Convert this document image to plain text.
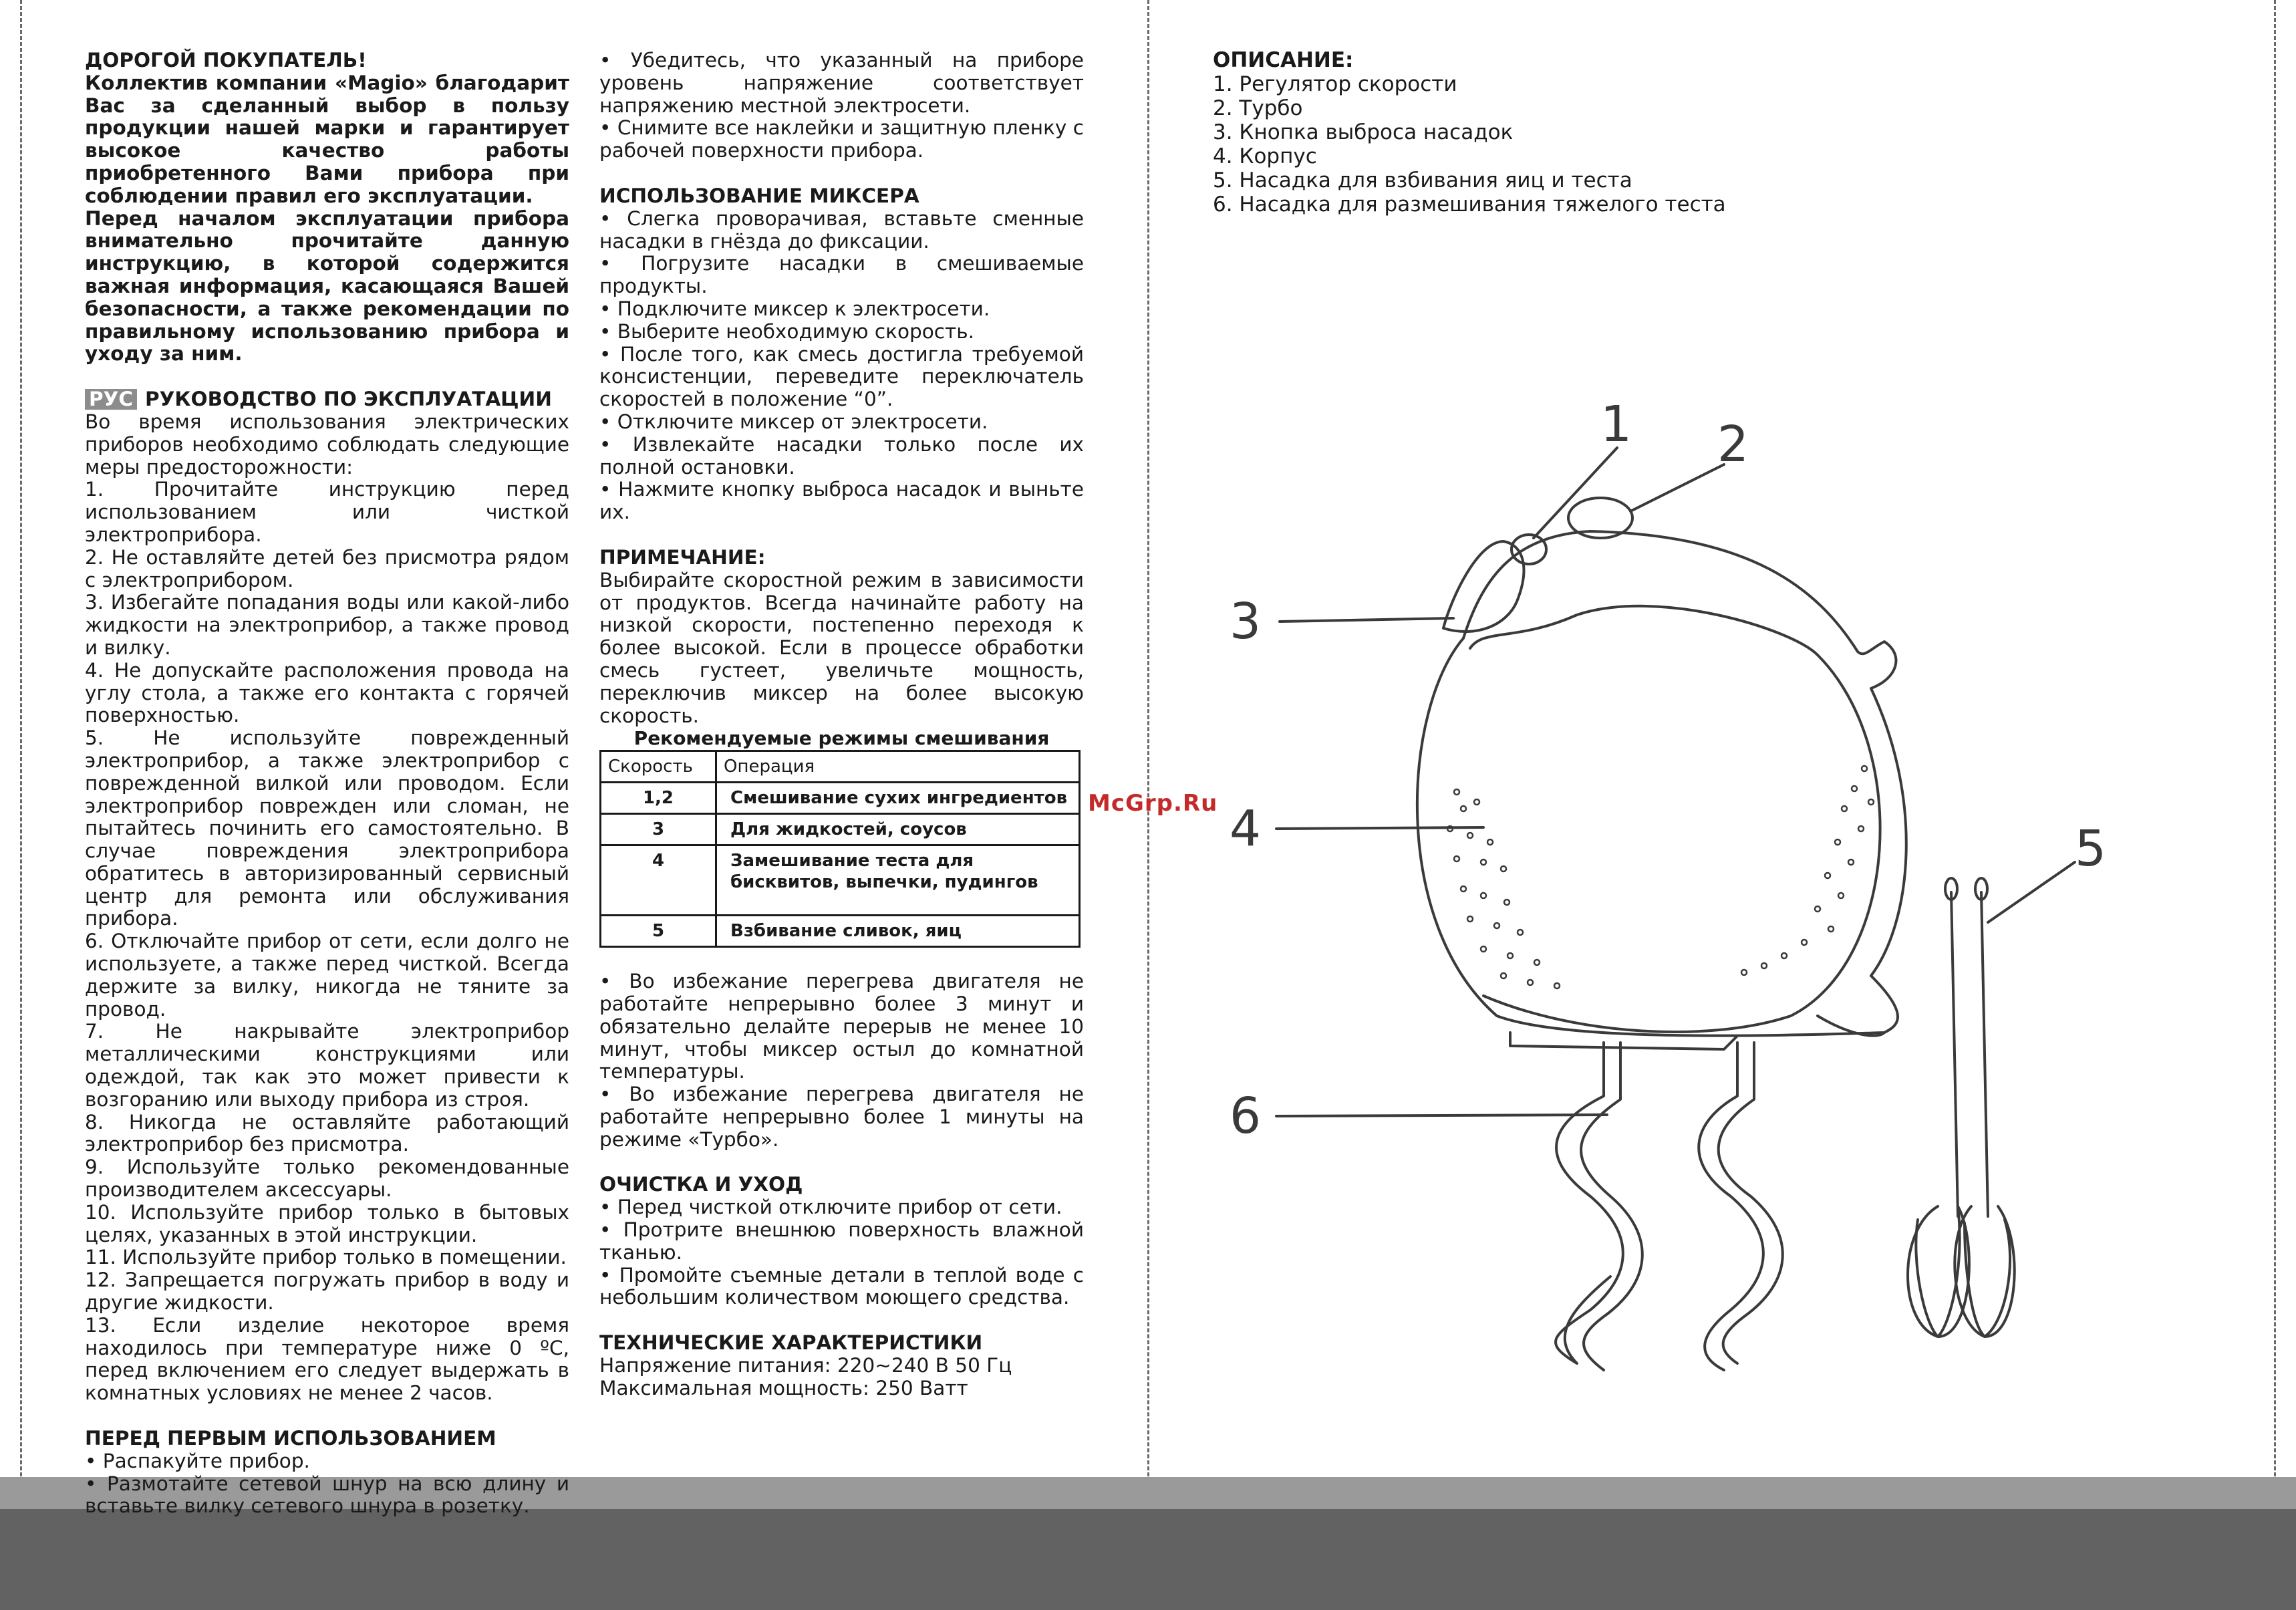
ДОРОГОЙ ПОКУПАТЕЛЬ!

Коллектив компании «Magio» благодарит Вас за сделанный выбор в пользу продукции нашей марки и гарантирует высокое качество работы приобретенного Вами прибора при соблюдении правил его эксплуатации.

Перед началом эксплуатации прибора внимательно прочитайте данную инструкцию, в которой содержится важная информация, касающаяся Вашей безопасности, а также рекомендации по правильному использованию прибора и уходу за ним.

РУС РУКОВОДСТВО ПО ЭКСПЛУАТАЦИИ

Во время использования электрических приборов необходимо соблюдать следующие меры предосторожности:

1. Прочитайте инструкцию перед использованием или чисткой электроприбора.

2. Не оставляйте детей без присмотра рядом с электроприбором.

3. Избегайте попадания воды или какой-либо жидкости на электроприбор, а также провод и вилку.

4. Не допускайте расположения провода на углу стола, а также его контакта с горячей поверхностью.

5. Не используйте поврежденный электроприбор, а также электроприбор с поврежденной вилкой или проводом. Если электроприбор поврежден или сломан, не пытайтесь починить его самостоятельно. В случае повреждения электроприбора обратитесь в авторизированный сервисный центр для ремонта или обслуживания прибора.

6. Отключайте прибор от сети, если долго не используете, а также перед чисткой. Всегда держите за вилку, никогда не тяните за провод.

7. Не накрывайте электроприбор металлическими конструкциями или одеждой, так как это может привести к возгоранию или выходу прибора из строя.

8. Никогда не оставляйте работающий электроприбор без присмотра.

9. Используйте только рекомендованные производителем аксессуары.

10. Используйте прибор только в бытовых целях, указанных в этой инструкции.

11. Используйте прибор только в помещении.

12. Запрещается погружать прибор в воду и другие жидкости.

13. Если изделие некоторое время находилось при температуре ниже 0 ºС, перед включением его следует выдержать в комнатных условиях не менее 2 часов.

ПЕРЕД ПЕРВЫМ ИСПОЛЬЗОВАНИЕМ

• Распакуйте прибор.

• Размотайте сетевой шнур на всю длину и вставьте вилку сетевого шнура в розетку.

• Убедитесь, что указанный на приборе уровень напряжение соответствует напряжению местной электросети.

• Снимите все наклейки и защитную пленку с рабочей поверхности прибора.

ИСПОЛЬЗОВАНИЕ МИКСЕРА

• Слегка проворачивая, вставьте сменные насадки в гнёзда до фиксации.

• Погрузите насадки в смешиваемые продукты.

• Подключите миксер к электросети.

• Выберите необходимую скорость.

• После того, как смесь достигла требуемой консистенции, переведите переключатель скоростей в положение “0”.

• Отключите миксер от электросети.

• Извлекайте насадки только после их полной остановки.

• Нажмите кнопку выброса насадок и выньте их.

ПРИМЕЧАНИЕ:

Выбирайте скоростной режим в зависимости от продуктов. Всегда начинайте работу на низкой скорости, постепенно переходя к более высокой. Если в процессе обработки смесь густеет, увеличьте мощность, переключив миксер на более высокую скорость.

Рекомендуемые режимы смешивания

Скорость	Операция
1,2	Смешивание сухих ингредиентов
3	Для жидкостей, соусов
4	Замешивание теста для бисквитов, выпечки, пудингов
5	Взбивание сливок, яиц

• Во избежание перегрева двигателя не работайте непрерывно более 3 минут и обязательно делайте перерыв не менее 10 минут, чтобы миксер остыл до комнатной температуры.

• Во избежание перегрева двигателя не работайте непрерывно более 1 минуты на режиме «Турбо».

ОЧИСТКА И УХОД

• Перед чисткой отключите прибор от сети.

• Протрите внешнюю поверхность влажной тканью.

• Промойте съемные детали в теплой воде с небольшим количеством моющего средства.

ТЕХНИЧЕСКИЕ ХАРАКТЕРИСТИКИ

Напряжение питания: 220~240 В 50 Гц

Максимальная мощность: 250 Ватт

ОПИСАНИЕ:

1. Регулятор скорости

2. Турбо

3. Кнопка выброса насадок

4. Корпус

5. Насадка для взбивания яиц и теста

6. Насадка для размешивания тяжелого теста

McGrp.Ru
1 2
3
4	5
6
